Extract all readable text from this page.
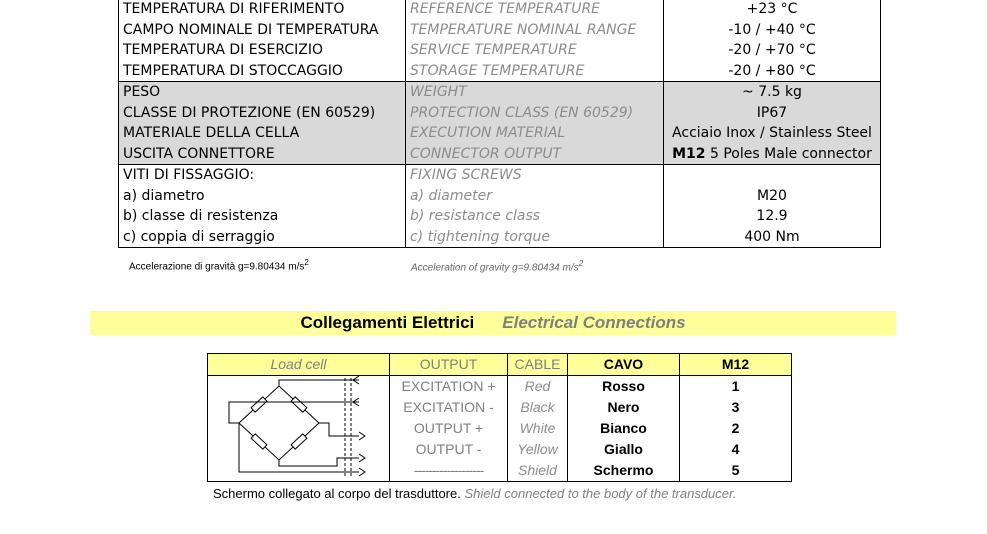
TEMPERATURA DI RIFERIMENTO	REFERENCE TEMPERATURE	+23 °C
CAMPO NOMINALE DI TEMPERATURA	TEMPERATURE NOMINAL RANGE	-10 / +40 °C
TEMPERATURA DI ESERCIZIO	SERVICE TEMPERATURE	-20 / +70 °C
TEMPERATURA DI STOCCAGGIO	STORAGE TEMPERATURE	-20 / +80 °C
PESO	WEIGHT	~ 7.5 kg
CLASSE DI PROTEZIONE (EN 60529)	PROTECTION CLASS (EN 60529)	IP67
MATERIALE DELLA CELLA	EXECUTION MATERIAL	Acciaio Inox / Stainless Steel
USCITA CONNETTORE	CONNECTOR OUTPUT	M12 5 Poles Male connector
VITI DI FISSAGGIO:	FIXING SCREWS	
a) diametro	a) diameter	M20
b) classe di resistenza	b) resistance class	12.9
c) coppia di serraggio	c) tightening torque	400 Nm
Accelerazione di gravità g=9.80434 $m/s^2$	Acceleration of gravity g=9.80434 $m/s^2$
Collegamenti Elettrici Electrical Connections
Load cell	OUTPUT	CABLE	CAVO	M12
	EXCITATION +	Red	Rosso	1
	EXCITATION -	Black	Nero	3
	OUTPUT +	White	Bianco	2
	OUTPUT -	Yellow	Giallo	4
	-------------------	Shield	Schermo	5
Schermo collegato al corpo del trasduttore. Shield connected to the body of the transducer.
